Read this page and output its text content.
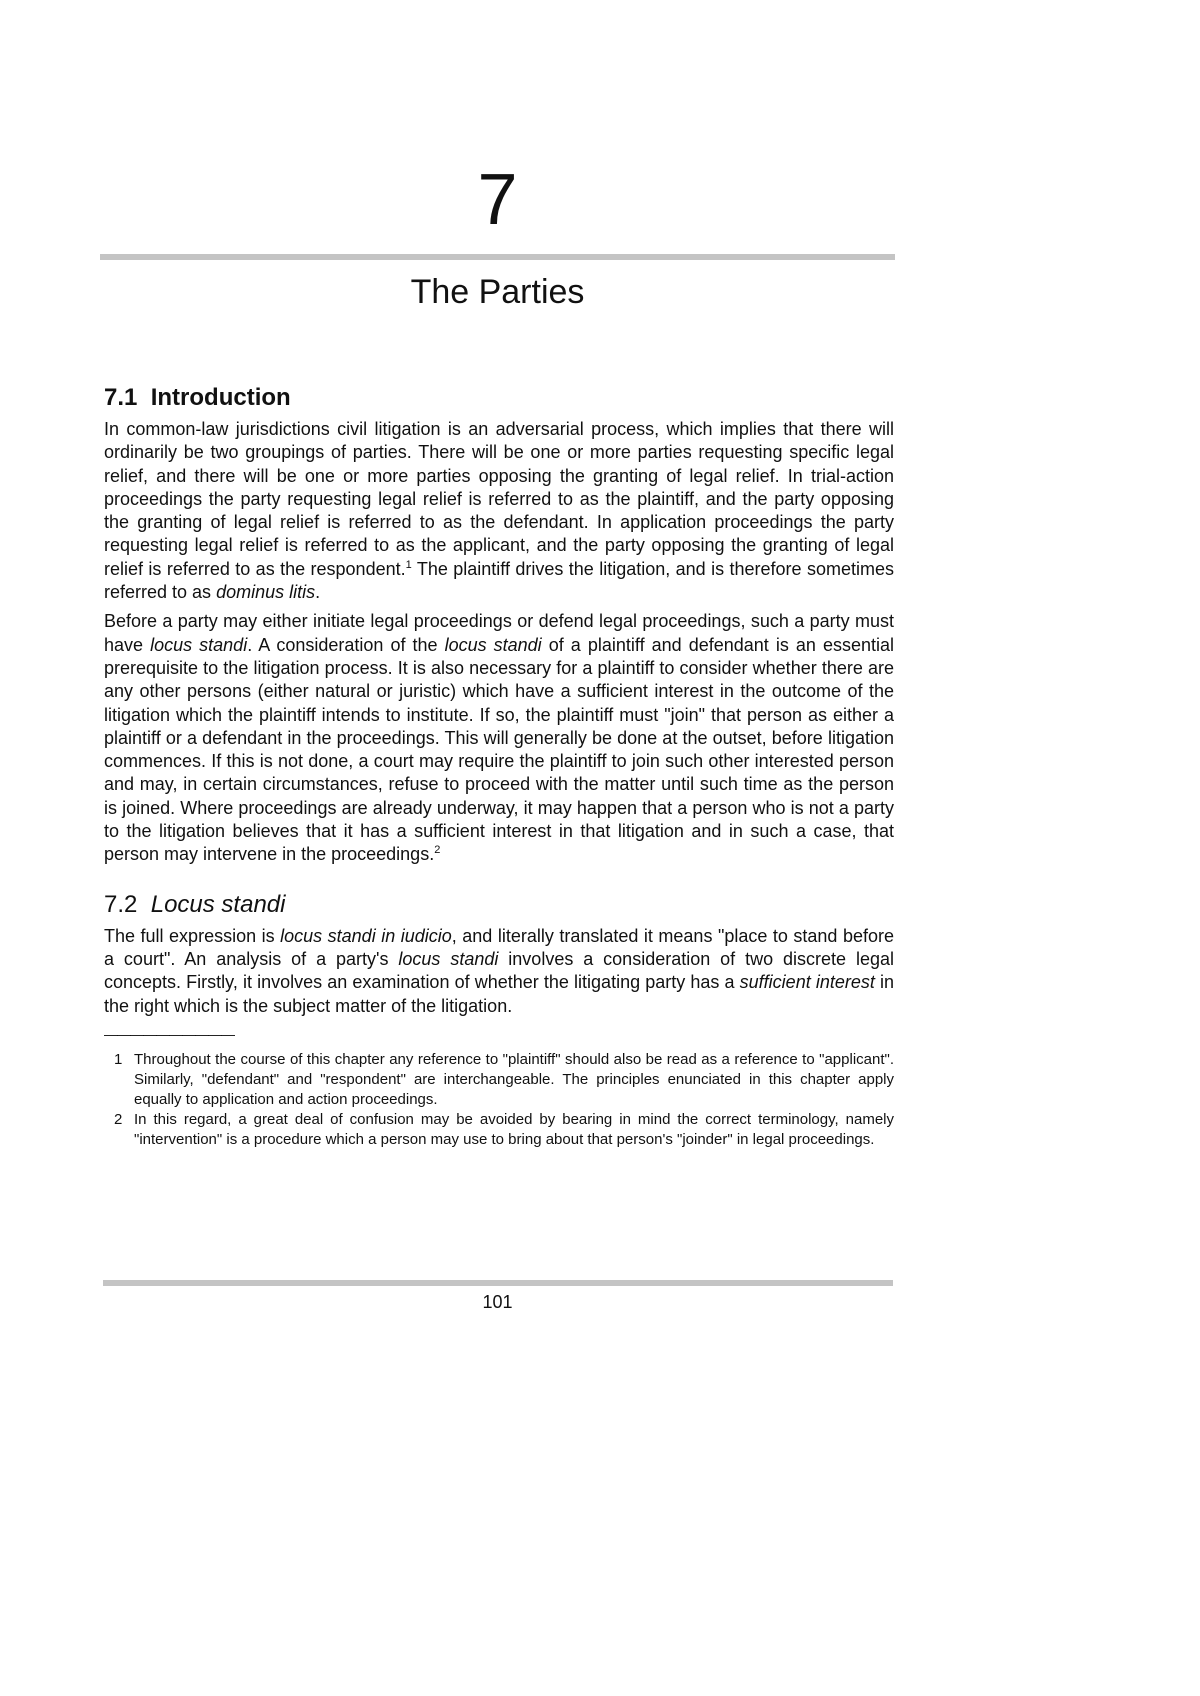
7
The Parties
7.1 Introduction

In common-law jurisdictions civil litigation is an adversarial process, which implies that there will ordinarily be two groupings of parties. There will be one or more parties requesting specific legal relief, and there will be one or more parties opposing the granting of legal relief. In trial-action proceedings the party requesting legal relief is referred to as the plaintiff, and the party opposing the granting of legal relief is referred to as the defendant. In application proceedings the party requesting legal relief is referred to as the applicant, and the party opposing the granting of legal relief is referred to as the respondent.$^1$ The plaintiff drives the litigation, and is therefore sometimes referred to as dominus litis.

Before a party may either initiate legal proceedings or defend legal proceedings, such a party must have locus standi. A consideration of the locus standi of a plaintiff and defendant is an essential prerequisite to the litigation process. It is also necessary for a plaintiff to consider whether there are any other persons (either natural or juristic) which have a sufficient interest in the outcome of the litigation which the plaintiff intends to institute. If so, the plaintiff must "join" that person as either a plaintiff or a defendant in the proceedings. This will generally be done at the outset, before litigation commences. If this is not done, a court may require the plaintiff to join such other interested person and may, in certain circumstances, refuse to proceed with the matter until such time as the person is joined. Where proceedings are already underway, it may happen that a person who is not a party to the litigation believes that it has a sufficient interest in that litigation and in such a case, that person may intervene in the proceedings.$^2$

7.2 Locus standi

The full expression is locus standi in iudicio, and literally translated it means "place to stand before a court". An analysis of a party's locus standi involves a consideration of two discrete legal concepts. Firstly, it involves an examination of whether the litigating party has a sufficient interest in the right which is the subject matter of the litigation.

——————————
1 Throughout the course of this chapter any reference to "plaintiff" should also be read as a reference to "applicant". Similarly, "defendant" and "respondent" are interchangeable. The principles enunciated in this chapter apply equally to application and action proceedings.
2 In this regard, a great deal of confusion may be avoided by bearing in mind the correct terminology, namely "intervention" is a procedure which a person may use to bring about that person's "joinder" in legal proceedings.
101
